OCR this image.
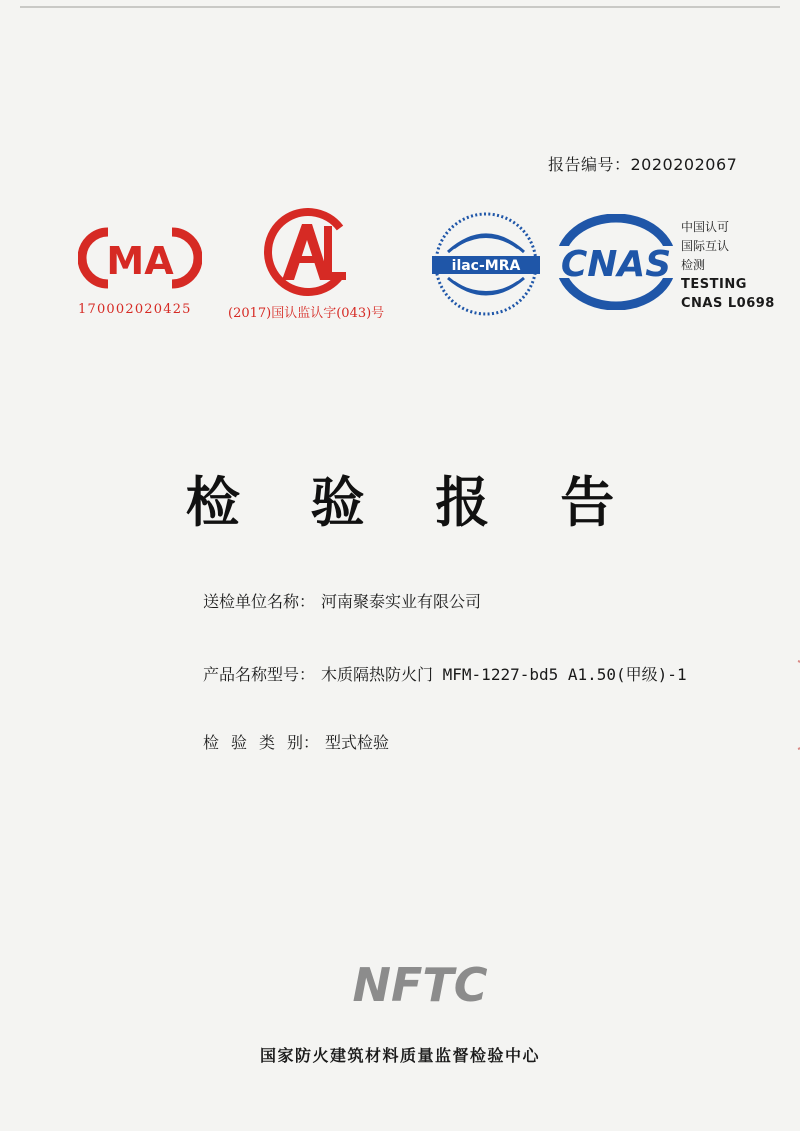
报告编号：2020202067
MA
170002020425	(2017)国认监认字(043)号
ilac-MRA CNAS
中国认可
国际互认
检测
TESTING
CNAS L0698
检 验 报 告
送检单位名称： 河南聚泰实业有限公司
产品名称型号： 木质隔热防火门 MFM-1227-bd5 A1.50(甲级)-1
检验类别： 型式检验
NFTC
国家防火建筑材料质量监督检验中心
